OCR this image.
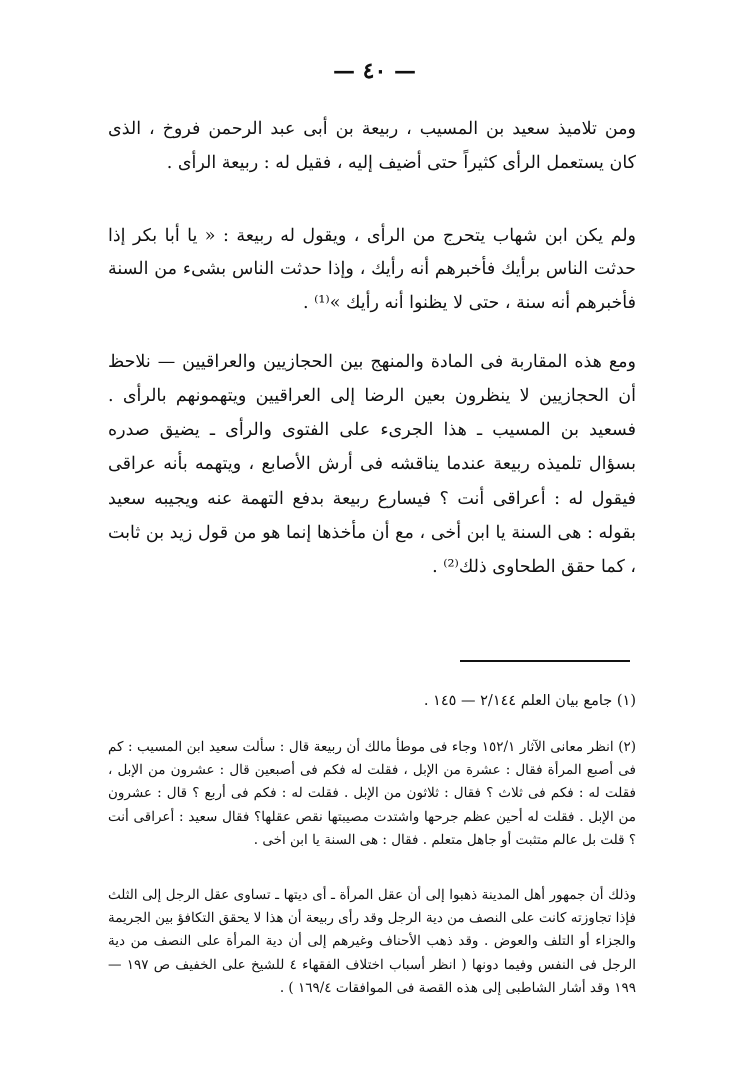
— ٤٠ —

ومن تلاميذ سعيد بن المسيب ، ربيعة بن أبى عبد الرحمن فروخ ، الذى كان يستعمل الرأى كثيراً حتى أضيف إليه ، فقيل له : ربيعة الرأى .

ولم يكن ابن شهاب يتحرج من الرأى ، ويقول له ربيعة : « يا أبا بكر إذا حدثت الناس برأيك فأخبرهم أنه رأيك ، وإذا حدثت الناس بشىء من السنة فأخبرهم أنه سنة ، حتى لا يظنوا أنه رأيك »⁽¹⁾ .

ومع هذه المقاربة فى المادة والمنهج بين الحجازيين والعراقيين — نلاحظ أن الحجازيين لا ينظرون بعين الرضا إلى العراقيين ويتهمونهم بالرأى . فسعيد بن المسيب ـ هذا الجرىء على الفتوى والرأى ـ يضيق صدره بسؤال تلميذه ربيعة عندما يناقشه فى أرش الأصابع ، ويتهمه بأنه عراقى فيقول له : أعراقى أنت ؟ فيسارع ربيعة بدفع التهمة عنه ويجيبه سعيد بقوله : هى السنة يا ابن أخى ، مع أن مأخذها إنما هو من قول زيد بن ثابت ، كما حقق الطحاوى ذلك⁽²⁾ .

(١) جامع بيان العلم ٢/١٤٤ — ١٤٥ .

(٢) انظر معانى الآثار ١٥٢/١ وجاء فى موطأ مالك أن ربيعة قال : سألت سعيد ابن المسيب : كم فى أصبع المرأة فقال : عشرة من الإبل ، فقلت له فكم فى أصبعين قال : عشرون من الإبل ، فقلت له : فكم فى ثلاث ؟ فقال : ثلاثون من الإبل . فقلت له : فكم فى أربع ؟ قال : عشرون من الإبل . فقلت له أحين عظم جرحها واشتدت مصيبتها نقص عقلها؟ فقال سعيد : أعراقى أنت ؟ قلت بل عالم متثبت أو جاهل متعلم . فقال : هى السنة يا ابن أخى .

وذلك أن جمهور أهل المدينة ذهبوا إلى أن عقل المرأة ـ أى ديتها ـ تساوى عقل الرجل إلى الثلث فإذا تجاوزته كانت على النصف من دية الرجل وقد رأى ربيعة أن هذا لا يحقق التكافؤ بين الجريمة والجزاء أو التلف والعوض . وقد ذهب الأحناف وغيرهم إلى أن دية المرأة على النصف من دية الرجل فى النفس وفيما دونها ( انظر أسباب اختلاف الفقهاء ٤ للشيخ على الخفيف ص ١٩٧ — ١٩٩ وقد أشار الشاطبى إلى هذه القصة فى الموافقات ١٦٩/٤ ) .
